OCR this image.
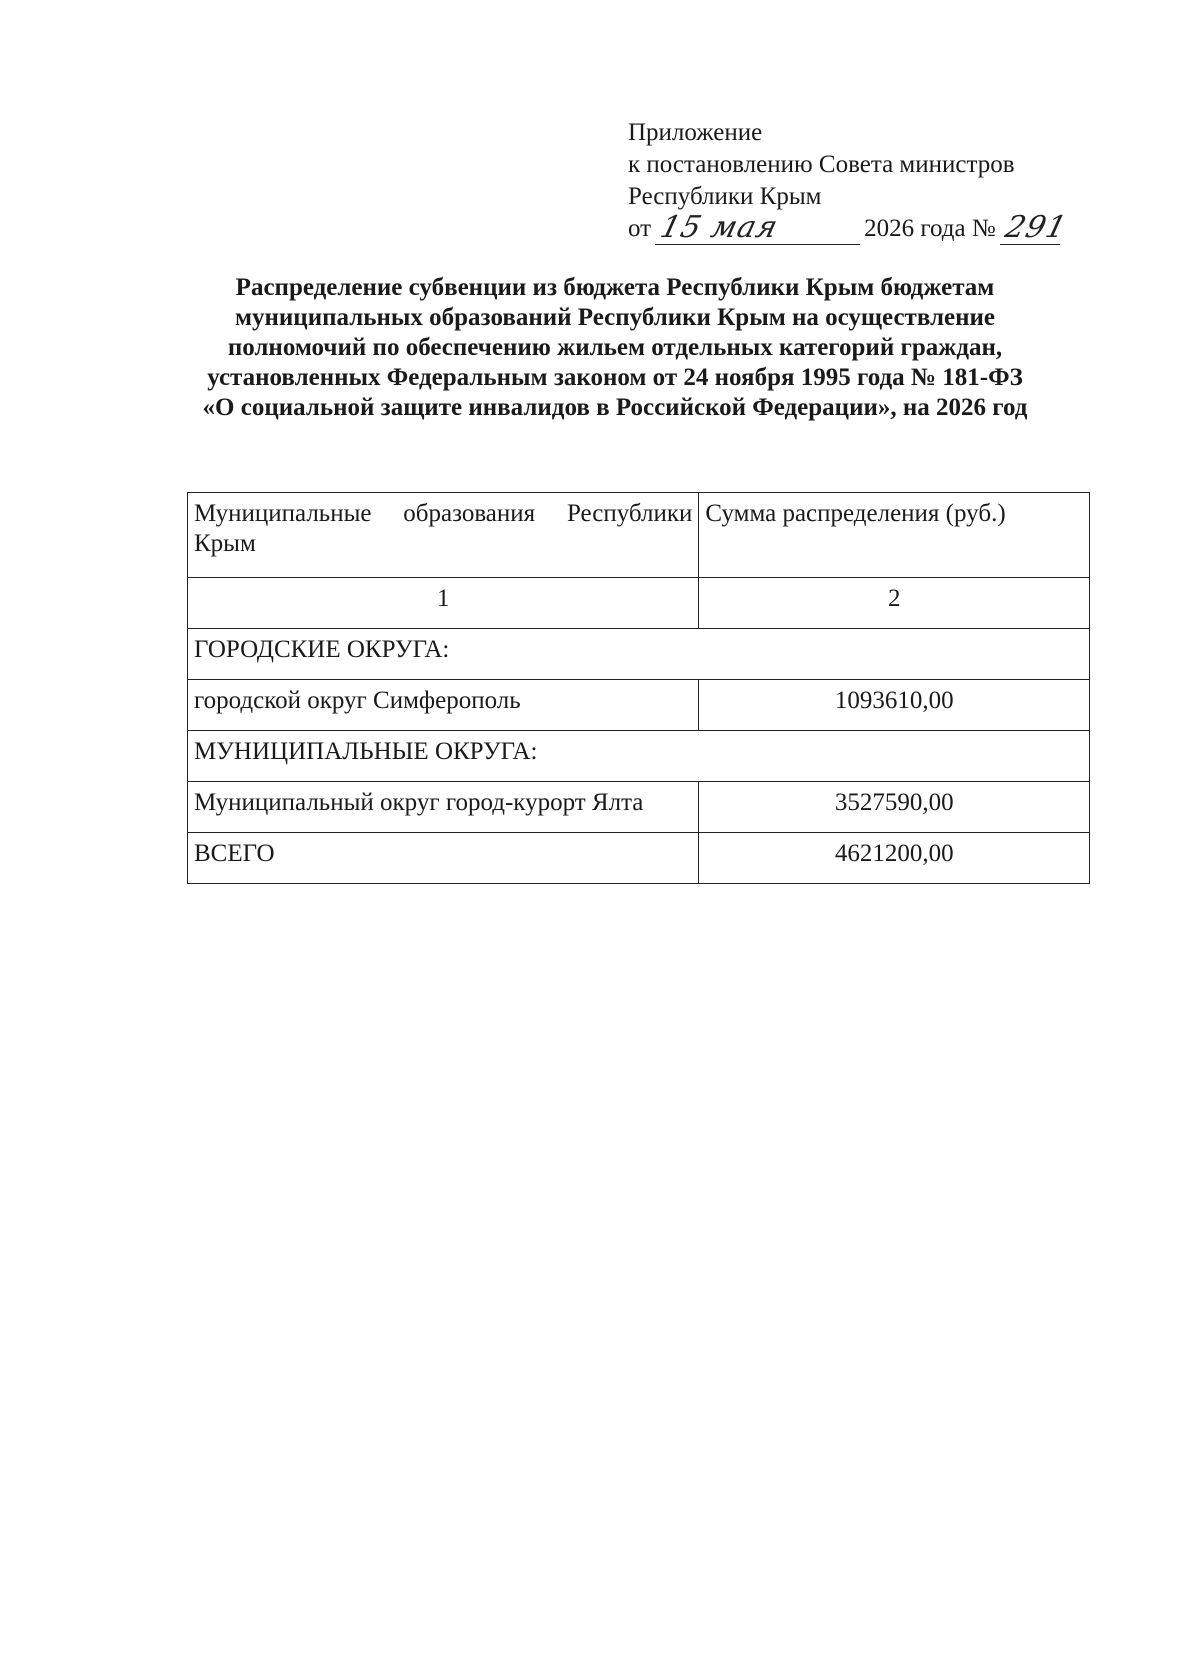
Приложение
к постановлению Совета министров
Республики Крым
от 15 мая	2026 года № 291
Распределение субвенции из бюджета Республики Крым бюджетам
муниципальных образований Республики Крым на осуществление
полномочий по обеспечению жильем отдельных категорий граждан,
установленных Федеральным законом от 24 ноября 1995 года № 181-ФЗ
«О социальной защите инвалидов в Российской Федерации», на 2026 год
Муниципальные образования Республики Крым	Сумма распределения (руб.)
1	2
ГОРОДСКИЕ ОКРУГА:	
городской округ Симферополь	1093610,00
МУНИЦИПАЛЬНЫЕ ОКРУГА:	
Муниципальный округ город-курорт Ялта	3527590,00
ВСЕГО	4621200,00
